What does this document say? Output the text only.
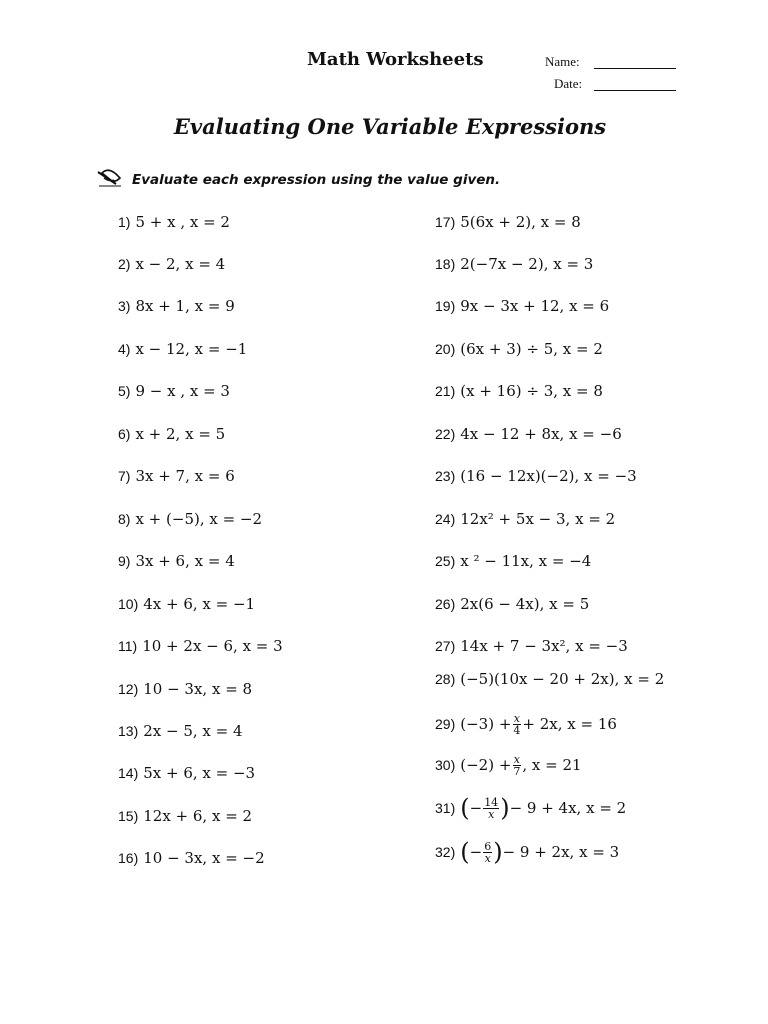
Math Worksheets	Name:
Date:
Evaluating One Variable Expressions
Evaluate each expression using the value given.
1) 5 + x , x = 2
2) x − 2, x = 4
3) 8x + 1, x = 9
4) x − 12, x = −1
5) 9 − x , x = 3
6) x + 2, x = 5
7) 3x + 7, x = 6
8) x + (−5), x = −2
9) 3x + 6, x = 4
10) 4x + 6, x = −1
11) 10 + 2x − 6, x = 3
12) 10 − 3x, x = 8
13) 2x − 5, x = 4
14) 5x + 6, x = −3
15) 12x + 6, x = 2
16) 10 − 3x, x = −2
17) 5(6x + 2), x = 8
18) 2(−7x − 2), x = 3
19) 9x − 3x + 12, x = 6
20) (6x + 3) ÷ 5, x = 2
21) (x + 16) ÷ 3, x = 8
22) 4x − 12 + 8x, x = −6
23) (16 − 12x)(−2), x = −3
24) 12x² + 5x − 3, x = 2
25) x ² − 11x, x = −4
26) 2x(6 − 4x), x = 5
27) 14x + 7 − 3x², x = −3
28) (−5)(10x − 20 + 2x), x = 2
29) $(-3) + \frac{x}{4} + 2x$, x = 16
30) $(-2) + \frac{x}{7}$ , x = 21
31) ( − $\frac{14}{x}$ ) − 9 + 4x, x = 2
32) ( − $\frac{6}{x}$ ) − 9 + 2x, x = 3
